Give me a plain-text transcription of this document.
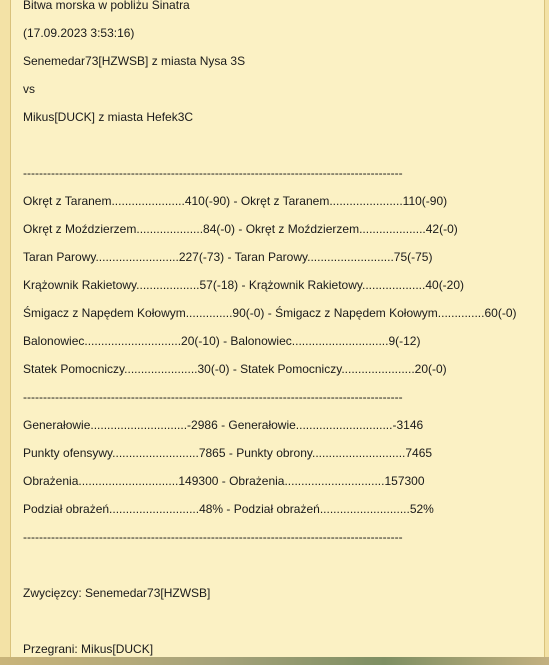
Bitwa morska w pobliżu Sinatra
(17.09.2023 3:53:16)
Senemedar73[HZWSB] z miasta Nysa 3S
vs
Mikus[DUCK] z miasta Hefek3C
-----------------------------------------------------------------------------------------------
Okręt z Taranem......................410(-90) - Okręt z Taranem......................110(-90)
Okręt z Moździerzem....................84(-0) - Okręt z Moździerzem....................42(-0)
Taran Parowy.........................227(-73) - Taran Parowy..........................75(-75)
Krążownik Rakietowy...................57(-18) - Krążownik Rakietowy...................40(-20)
Śmigacz z Napędem Kołowym..............90(-0) - Śmigacz z Napędem Kołowym..............60(-0)
Balonowiec.............................20(-10) - Balonowiec.............................9(-12)
Statek Pomocniczy......................30(-0) - Statek Pomocniczy......................20(-0)
-----------------------------------------------------------------------------------------------
Generałowie.............................-2986 - Generałowie.............................-3146
Punkty ofensywy..........................7865 - Punkty obrony............................7465
Obrażenia..............................149300 - Obrażenia..............................157300
Podział obrażeń...........................48% - Podział obrażeń...........................52%
-----------------------------------------------------------------------------------------------
Zwycięzcy: Senemedar73[HZWSB]
Przegrani: Mikus[DUCK]
